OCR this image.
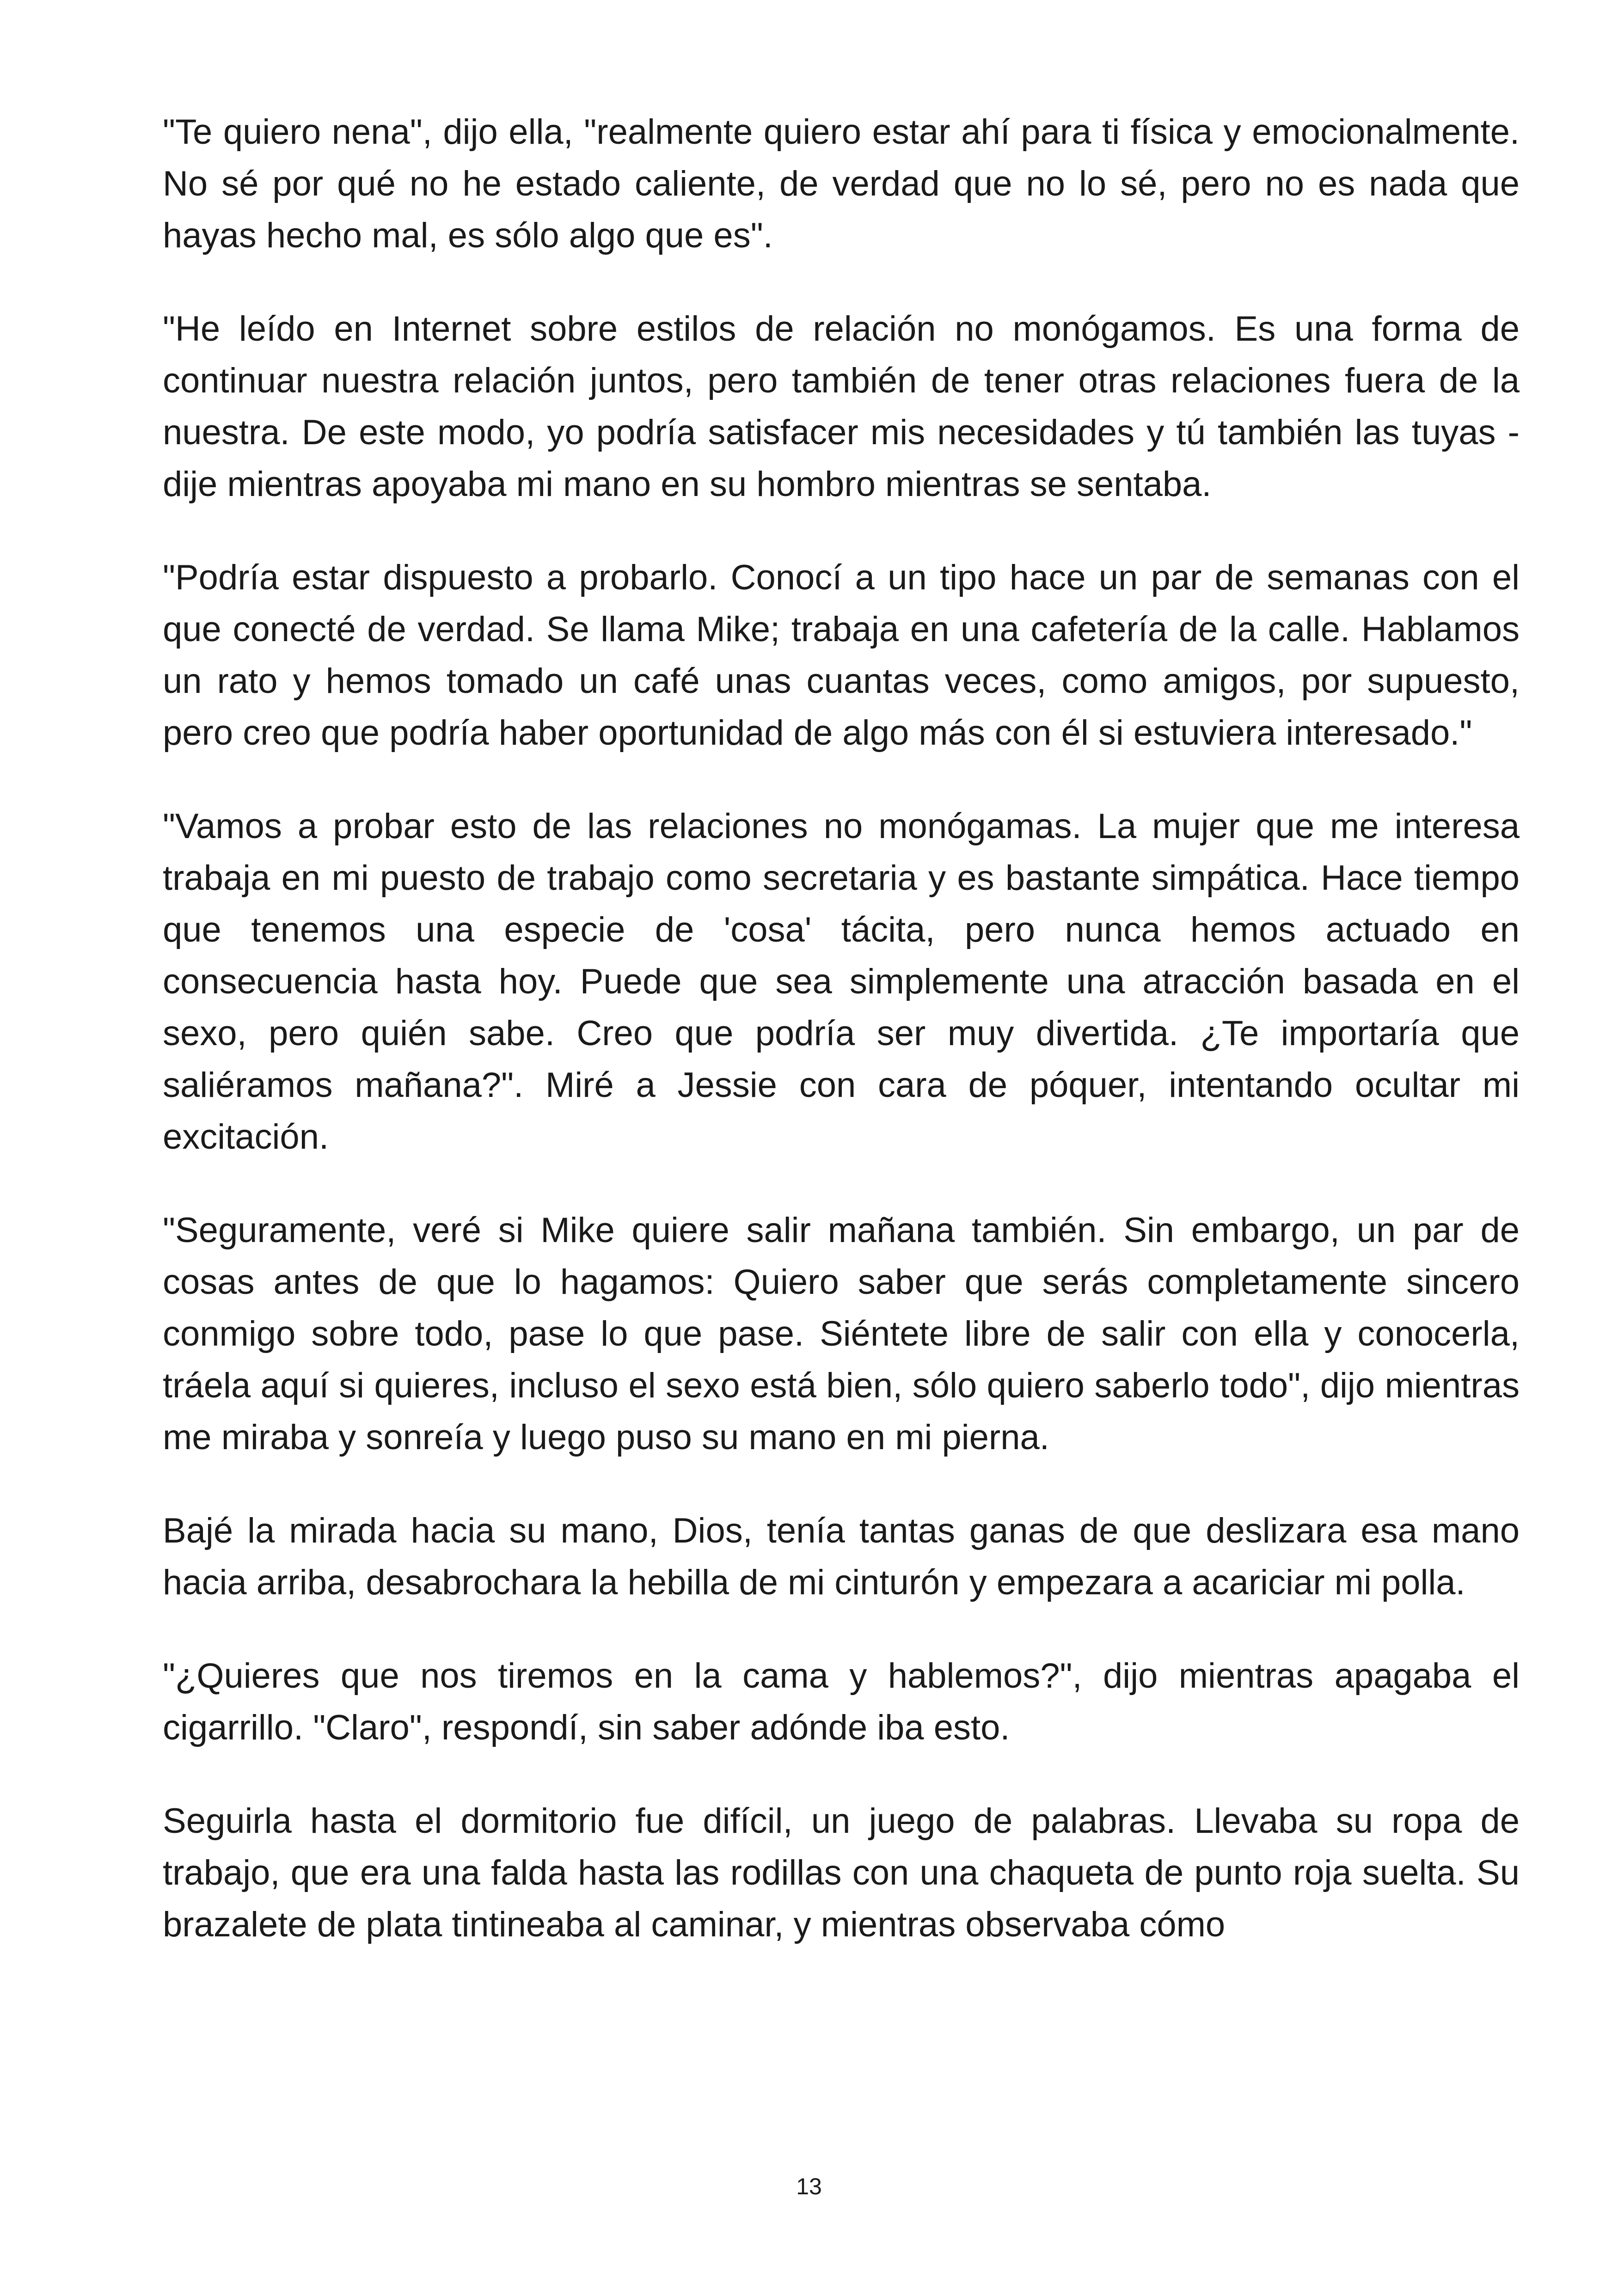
"Te quiero nena", dijo ella, "realmente quiero estar ahí para ti física y emocionalmente. No sé por qué no he estado caliente, de verdad que no lo sé, pero no es nada que hayas hecho mal, es sólo algo que es".

"He leído en Internet sobre estilos de relación no monógamos. Es una forma de continuar nuestra relación juntos, pero también de tener otras relaciones fuera de la nuestra. De este modo, yo podría satisfacer mis necesidades y tú también las tuyas -dije mientras apoyaba mi mano en su hombro mientras se sentaba.

"Podría estar dispuesto a probarlo. Conocí a un tipo hace un par de semanas con el que conecté de verdad. Se llama Mike; trabaja en una cafetería de la calle. Hablamos un rato y hemos tomado un café unas cuantas veces, como amigos, por supuesto, pero creo que podría haber oportunidad de algo más con él si estuviera interesado."

"Vamos a probar esto de las relaciones no monógamas. La mujer que me interesa trabaja en mi puesto de trabajo como secretaria y es bastante simpática. Hace tiempo que tenemos una especie de 'cosa' tácita, pero nunca hemos actuado en consecuencia hasta hoy. Puede que sea simplemente una atracción basada en el sexo, pero quién sabe. Creo que podría ser muy divertida. ¿Te importaría que saliéramos mañana?". Miré a Jessie con cara de póquer, intentando ocultar mi excitación.

"Seguramente, veré si Mike quiere salir mañana también. Sin embargo, un par de cosas antes de que lo hagamos: Quiero saber que serás completamente sincero conmigo sobre todo, pase lo que pase. Siéntete libre de salir con ella y conocerla, tráela aquí si quieres, incluso el sexo está bien, sólo quiero saberlo todo", dijo mientras me miraba y sonreía y luego puso su mano en mi pierna.

Bajé la mirada hacia su mano, Dios, tenía tantas ganas de que deslizara esa mano hacia arriba, desabrochara la hebilla de mi cinturón y empezara a acariciar mi polla.

"¿Quieres que nos tiremos en la cama y hablemos?", dijo mientras apagaba el cigarrillo. "Claro", respondí, sin saber adónde iba esto.

Seguirla hasta el dormitorio fue difícil, un juego de palabras. Llevaba su ropa de trabajo, que era una falda hasta las rodillas con una chaqueta de punto roja suelta. Su brazalete de plata tintineaba al caminar, y mientras observaba cómo

13
